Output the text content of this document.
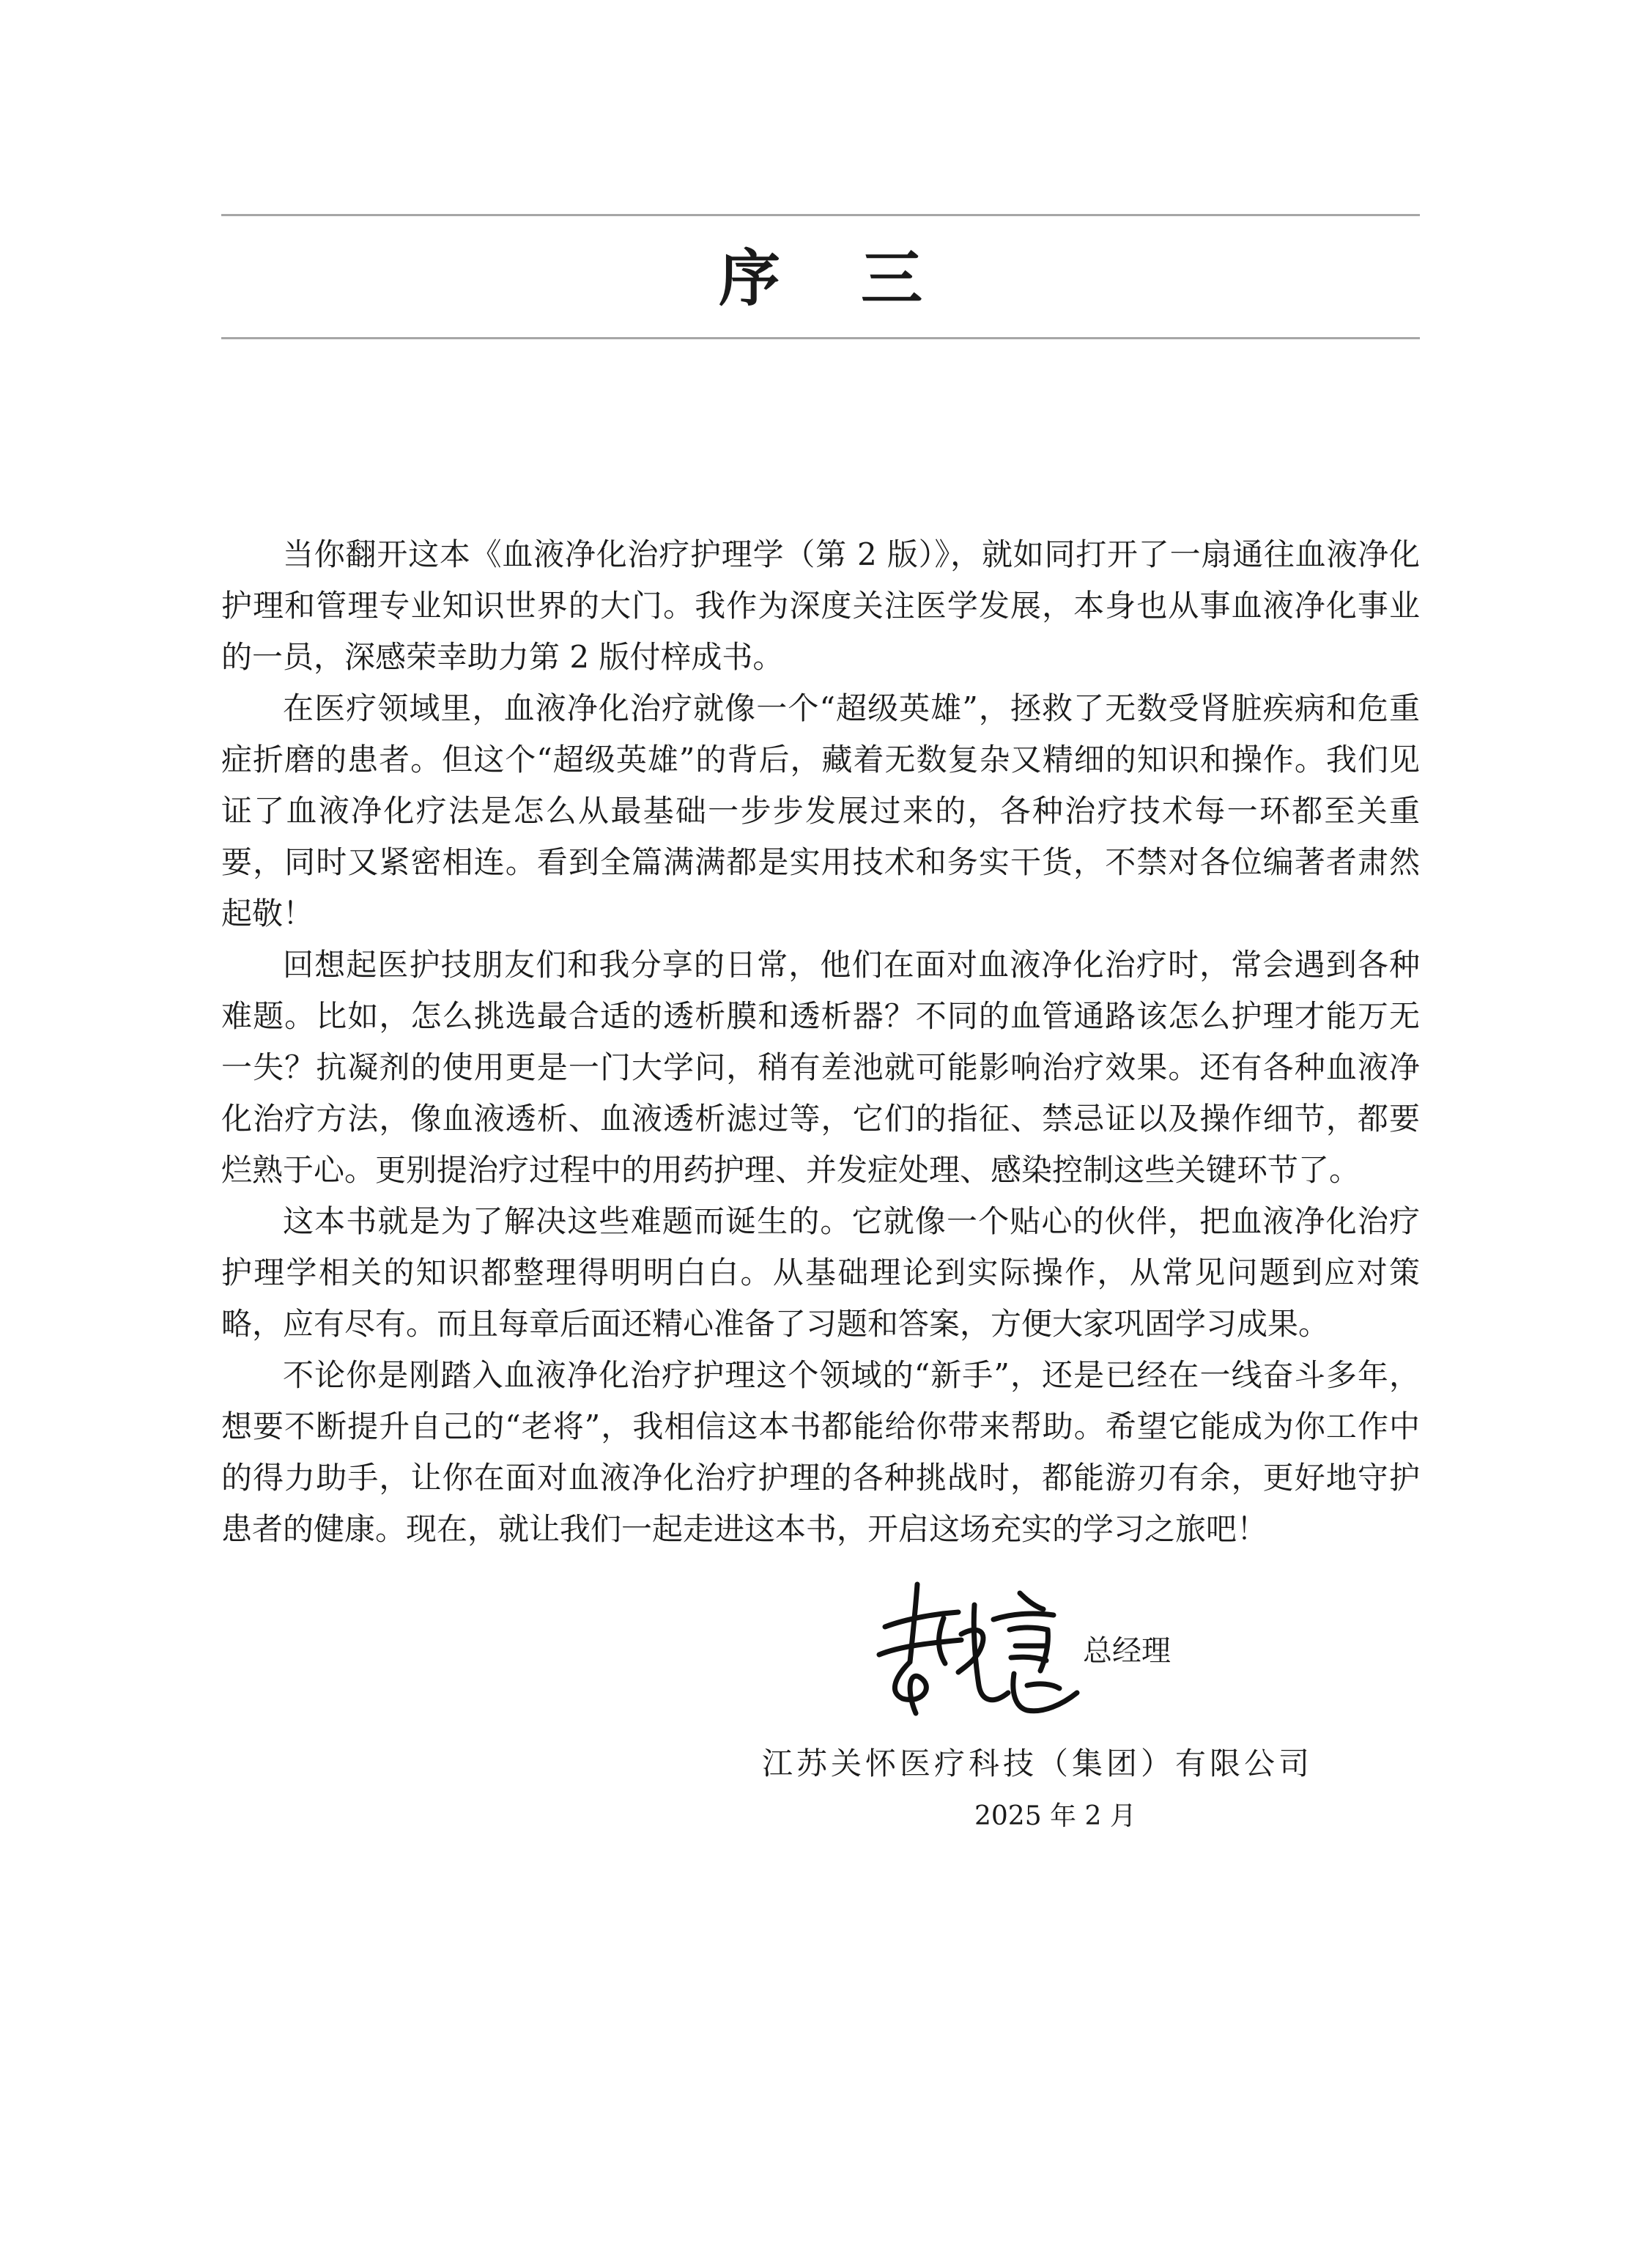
序 三

当你翻开这本《血液净化治疗护理学（第 2 版）》，就如同打开了一扇通往血液净化护理和管理专业知识世界的大门。我作为深度关注医学发展，本身也从事血液净化事业的一员，深感荣幸助力第 2 版付梓成书。

在医疗领域里，血液净化治疗就像一个“超级英雄”，拯救了无数受肾脏疾病和危重症折磨的患者。但这个“超级英雄”的背后，藏着无数复杂又精细的知识和操作。我们见证了血液净化疗法是怎么从最基础一步步发展过来的，各种治疗技术每一环都至关重要，同时又紧密相连。看到全篇满满都是实用技术和务实干货，不禁对各位编著者肃然起敬！

回想起医护技朋友们和我分享的日常，他们在面对血液净化治疗时，常会遇到各种难题。比如，怎么挑选最合适的透析膜和透析器？不同的血管通路该怎么护理才能万无一失？抗凝剂的使用更是一门大学问，稍有差池就可能影响治疗效果。还有各种血液净化治疗方法，像血液透析、血液透析滤过等，它们的指征、禁忌证以及操作细节，都要烂熟于心。更别提治疗过程中的用药护理、并发症处理、感染控制这些关键环节了。

这本书就是为了解决这些难题而诞生的。它就像一个贴心的伙伴，把血液净化治疗护理学相关的知识都整理得明明白白。从基础理论到实际操作，从常见问题到应对策略，应有尽有。而且每章后面还精心准备了习题和答案，方便大家巩固学习成果。

不论你是刚踏入血液净化治疗护理这个领域的“新手”，还是已经在一线奋斗多年，想要不断提升自己的“老将”，我相信这本书都能给你带来帮助。希望它能成为你工作中的得力助手，让你在面对血液净化治疗护理的各种挑战时，都能游刃有余，更好地守护患者的健康。现在，就让我们一起走进这本书，开启这场充实的学习之旅吧！

总经理
江苏关怀医疗科技（集团）有限公司
2025 年 2 月
